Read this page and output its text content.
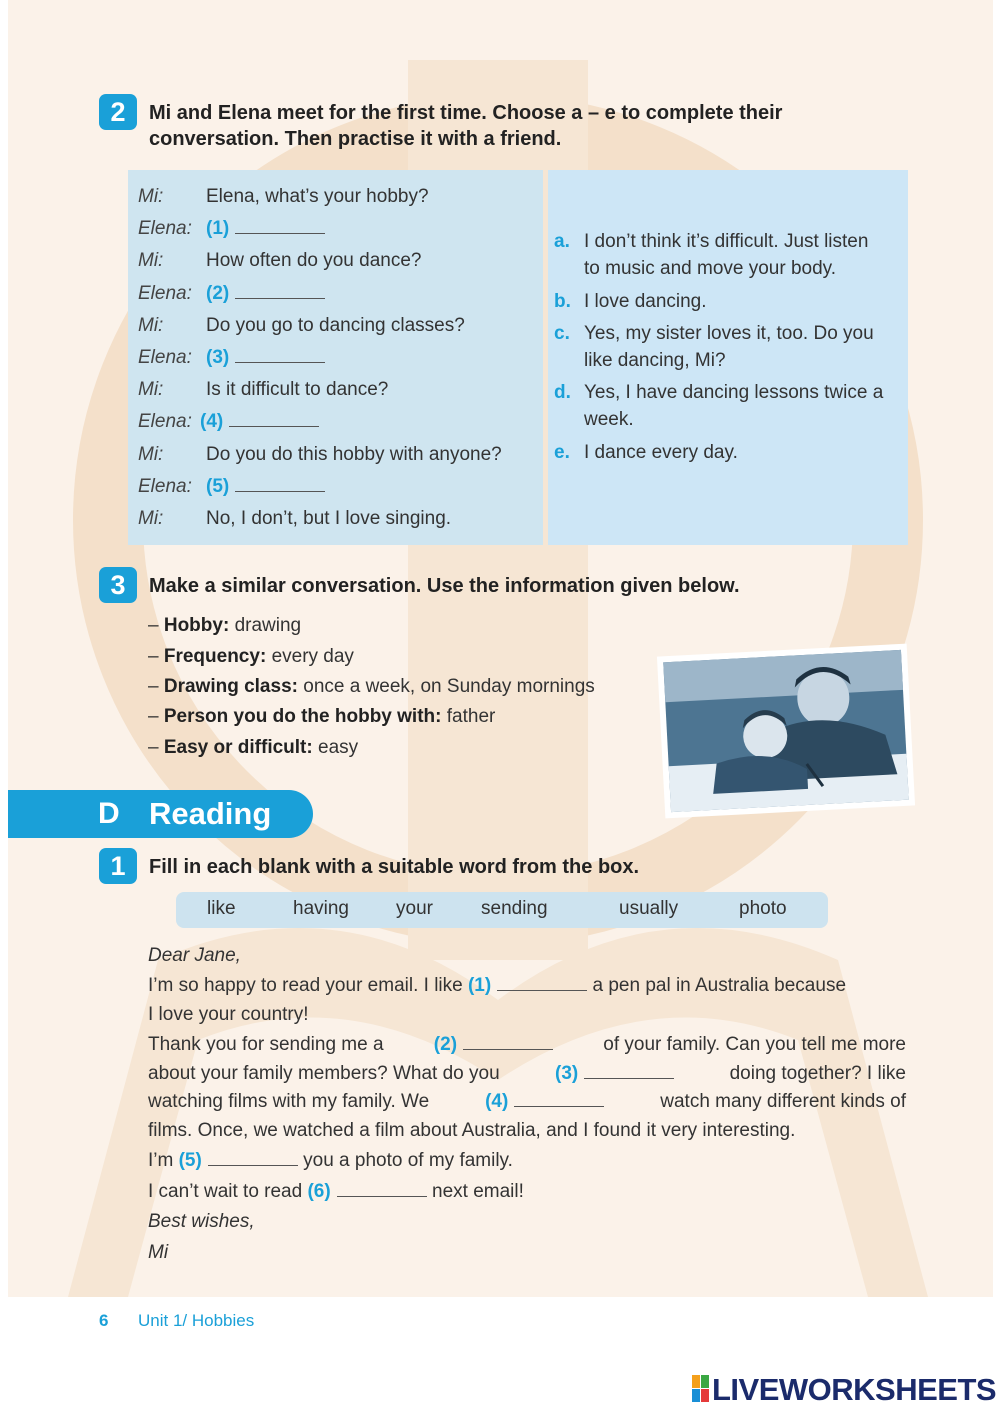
2	Mi and Elena meet for the first time. Choose a – e to complete their
conversation. Then practise it with a friend.
Mi: Elena, what’s your hobby?
Elena: (1)
Mi: How often do you dance?
Elena: (2)
Mi: Do you go to dancing classes?
Elena: (3)
Mi: Is it difficult to dance?
Elena: (4)
Mi: Do you do this hobby with anyone?
Elena: (5)
Mi: No, I don’t, but I love singing.
a. I don’t think it’s difficult. Just listen to music and move your body.
b. I love dancing.
c. Yes, my sister loves it, too. Do you like dancing, Mi?
d. Yes, I have dancing lessons twice a week.
e. I dance every day.
3	Make a similar conversation. Use the information given below.
– Hobby: drawing
– Frequency: every day
– Drawing class: once a week, on Sunday mornings
– Person you do the hobby with: father
– Easy or difficult: easy
D Reading
1	Fill in each blank with a suitable word from the box.
like	having your	sending	usually	photo
Dear Jane,
I’m so happy to read your email. I like (1)	a pen pal in Australia because
I love your country!
Thank you for sending me a	(2)	of your family. Can you tell me more
about your family members? What do you	(3)	doing together? I like
watching films with my family. We	(4)	watch many different kinds of
films. Once, we watched a film about Australia, and I found it very interesting.
I’m (5)	you a photo of my family.
I can’t wait to read (6)	next email!
Best wishes,
Mi
6 Unit 1/ Hobbies
LIVEWORKSHEETS
